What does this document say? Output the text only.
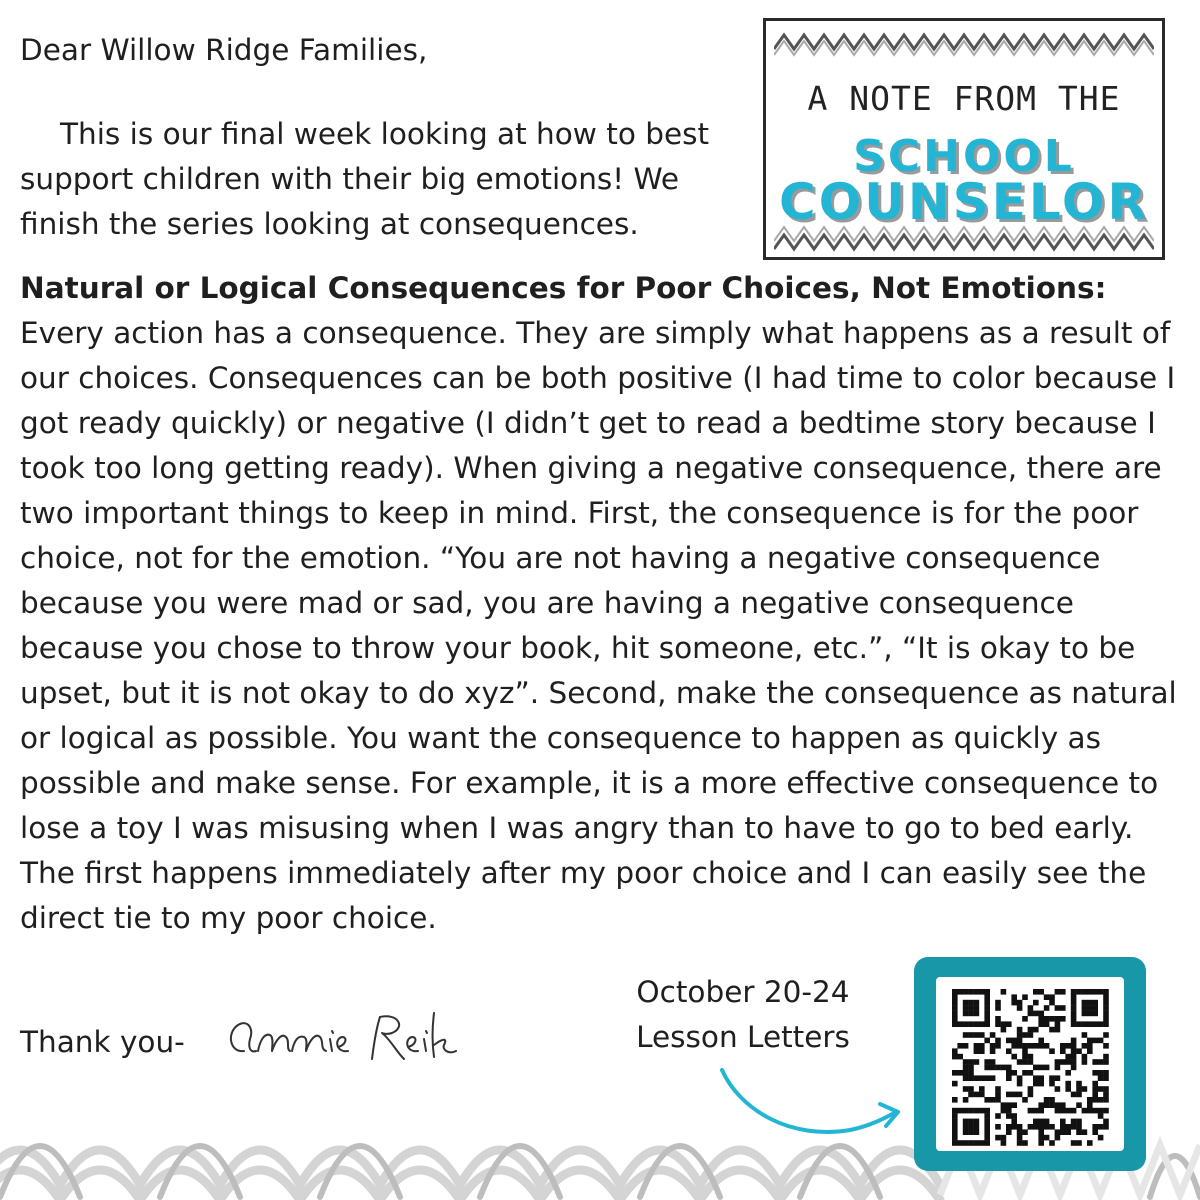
Dear Willow Ridge Families,

This is our final week looking at how to best support children with their big emotions! We finish the series looking at consequences.

Natural or Logical Consequences for Poor Choices, Not Emotions: Every action has a consequence. They are simply what happens as a result of our choices. Consequences can be both positive (I had time to color because I got ready quickly) or negative (I didn’t get to read a bedtime story because I took too long getting ready). When giving a negative consequence, there are two important things to keep in mind. First, the consequence is for the poor choice, not for the emotion. “You are not having a negative consequence because you were mad or sad, you are having a negative consequence because you chose to throw your book, hit someone, etc.”, “It is okay to be upset, but it is not okay to do xyz”. Second, make the consequence as natural or logical as possible. You want the consequence to happen as quickly as possible and make sense. For example, it is a more effective consequence to lose a toy I was misusing when I was angry than to have to go to bed early. The first happens immediately after my poor choice and I can easily see the direct tie to my poor choice.

A NOTE FROM THE
SCHOOL
COUNSELOR

Thank you-

October 20-24
Lesson Letters
